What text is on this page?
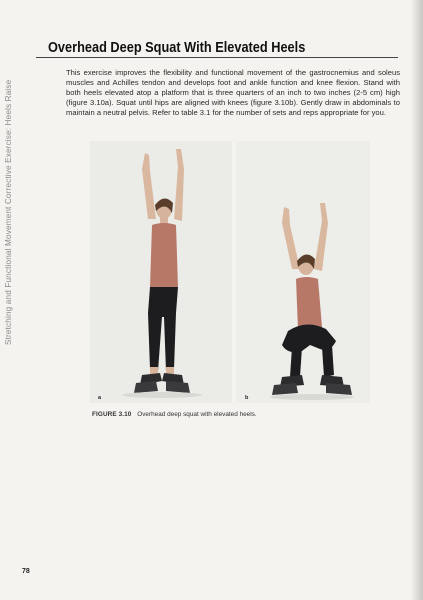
Stretching and Functional Movement Corrective Exercise: Heels Raise
Overhead Deep Squat With Elevated Heels

This exercise improves the flexibility and functional movement of the gastrocnemius and soleus muscles and Achilles tendon and develops foot and ankle function and knee flexion. Stand with both heels elevated atop a platform that is three quarters of an inch to two inches (2-5 cm) high (figure 3.10a). Squat until hips are aligned with knees (figure 3.10b). Gently draw in abdominals to maintain a neutral pelvis. Refer to table 3.1 for the number of sets and reps appropriate for you.

a	b
FIGURE 3.10 Overhead deep squat with elevated heels.
78
